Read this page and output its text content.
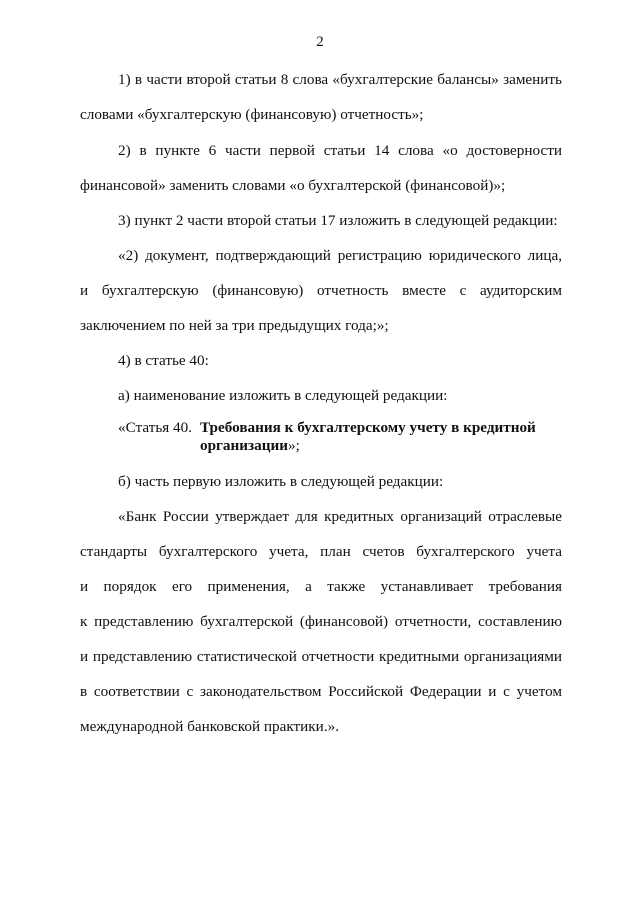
2
1) в части второй статьи 8 слова «бухгалтерские балансы» заменить
словами «бухгалтерскую (финансовую) отчетность»;
2) в пункте 6 части первой статьи 14 слова «о достоверности
финансовой» заменить словами «о бухгалтерской (финансовой)»;
3) пункт 2 части второй статьи 17 изложить в следующей редакции:
«2) документ, подтверждающий регистрацию юридического лица,
и бухгалтерскую (финансовую) отчетность вместе с аудиторским
заключением по ней за три предыдущих года;»;
4) в статье 40:
а) наименование изложить в следующей редакции:
«Статья 40. Требования к бухгалтерскому учету в кредитной
организации»;
б) часть первую изложить в следующей редакции:
«Банк России утверждает для кредитных организаций отраслевые
стандарты бухгалтерского учета, план счетов бухгалтерского учета
и порядок его применения, а также устанавливает требования
к представлению бухгалтерской (финансовой) отчетности, составлению
и представлению статистической отчетности кредитными организациями
в соответствии с законодательством Российской Федерации и с учетом
международной банковской практики.».
